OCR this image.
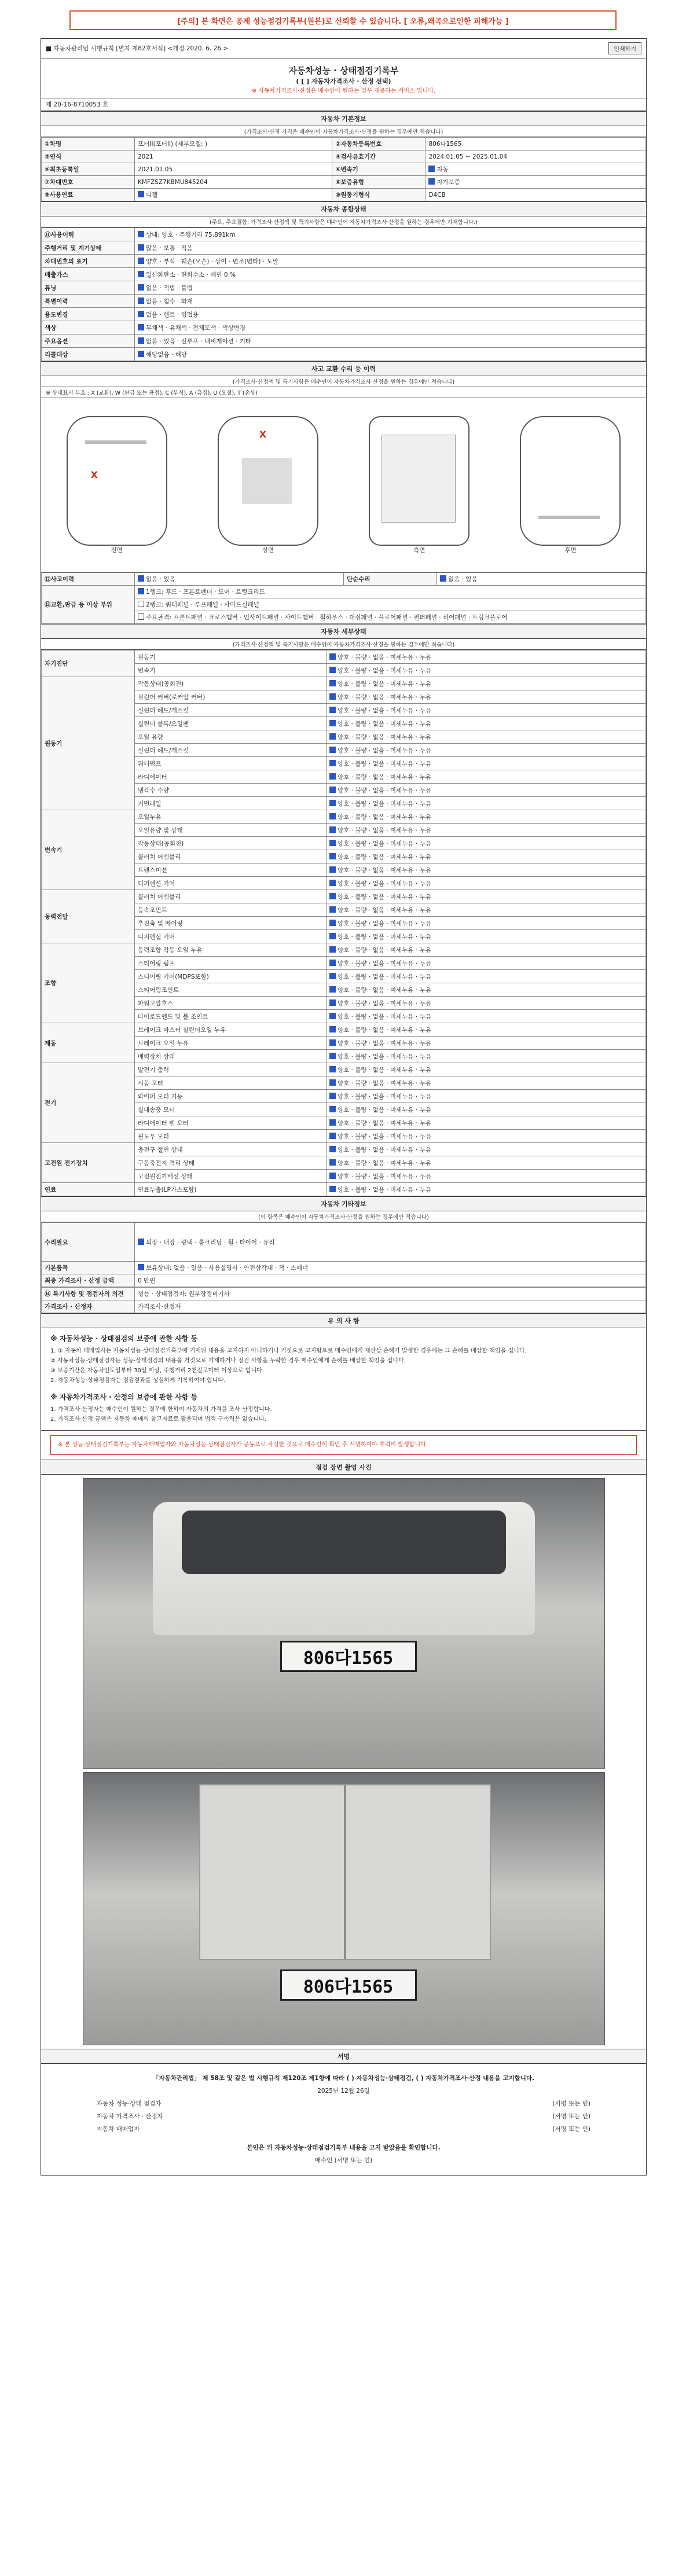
[주의] 본 화면은 공제 성능점검기록부(원본)로 신뢰할 수 있습니다. [ 오류,왜곡으로인한 피해가능 ]
■ 자동차관리법 시행규칙 [별지 제82호서식] <개정 2020. 6. 26.>	인쇄하기
자동차성능 · 상태점검기록부
( [ ] 자동차가격조사 · 산정 선택)
※ 자동차가격조사·산정은 매수인이 원하는 경우 제공하는 서비스 입니다.
제 20-16-8710053 호
자동차 기본정보
(가격조사·산정 가격은 매수인이 자동차가격조사·산정을 원하는 경우에만 적습니다)
①차명	포터II(포터II) (세부모델: )	②자동차등록번호	806다1565
③연식	2021	④검사유효기간	2024.01.05 ~ 2025.01.04
⑤최초등록일	2021.01.05	⑥변속기	자동
⑦차대번호	KMFZSZ7KBMU845204	⑧보증유형	자가보증
⑨사용연료	디젤	⑩원동기형식	D4CB
자동차 종합상태
(주요, 주요결함, 가격조사·산정액 및 특기사항은 매수인이 자동차가격조사·산정을 원하는 경우에만 기재합니다.)
⑪사용이력	상태: 양호 · 주행거리 75,891km
주행거리 및 계기상태	많음 · 보통 · 적음
차대번호의 표기	양호 · 부식 · 훼손(오손) · 상이 · 변조(변타) · 도말
배출가스	일산화탄소 · 탄화수소 · 매연 0 %
튜닝	없음 · 적법 · 불법
특별이력	없음 · 침수 · 화재
용도변경	없음 · 렌트 · 영업용
색상	무채색 · 유채색 · 전체도색 · 색상변경
주요옵션	없음 · 있음 · 선루프 · 내비게이션 · 기타
리콜대상	해당없음 · 해당
사고 교환 수리 등 이력
(가격조사·산정액 및 특기사항은 매수인이 자동차가격조사·산정을 원하는 경우에만 적습니다)
※ 상태표시 부호 : X (교환), W (판금 또는 용접), C (부식), A (흠집), U (요철), T (손상)
X
전면
X
상면	측면	후면
⑫사고이력	없음 · 있음	단순수리	없음 · 있음
⑬교환,판금 등 이상 부위	1랭크: 후드 · 프론트펜더 · 도어 · 트렁크리드		
	2랭크: 쿼터패널 · 루프패널 · 사이드실패널		
	주요골격: 프론트패널 · 크로스멤버 · 인사이드패널 · 사이드멤버 · 휠하우스 · 대쉬패널 · 플로어패널 · 필러패널 · 리어패널 · 트렁크플로어		
자동차 세부상태
(가격조사·산정액 및 특기사항은 매수인이 자동차가격조사·산정을 원하는 경우에만 적습니다)
자기진단	원동기	양호 · 불량 · 없음 · 미세누유 · 누유
	변속기	양호 · 불량 · 없음 · 미세누유 · 누유
원동기	작동상태(공회전)	양호 · 불량 · 없음 · 미세누유 · 누유
	실린더 커버(로커암 커버)	양호 · 불량 · 없음 · 미세누유 · 누유
	실린더 헤드/개스킷	양호 · 불량 · 없음 · 미세누유 · 누유
	실린더 블록/오일팬	양호 · 불량 · 없음 · 미세누유 · 누유
	오일 유량	양호 · 불량 · 없음 · 미세누유 · 누유
	실린더 헤드/개스킷	양호 · 불량 · 없음 · 미세누유 · 누유
	워터펌프	양호 · 불량 · 없음 · 미세누유 · 누유
	라디에이터	양호 · 불량 · 없음 · 미세누유 · 누유
	냉각수 수량	양호 · 불량 · 없음 · 미세누유 · 누유
	커먼레일	양호 · 불량 · 없음 · 미세누유 · 누유
변속기	오일누유	양호 · 불량 · 없음 · 미세누유 · 누유
	오일유량 및 상태	양호 · 불량 · 없음 · 미세누유 · 누유
	작동상태(공회전)	양호 · 불량 · 없음 · 미세누유 · 누유
	클러치 어셈블리	양호 · 불량 · 없음 · 미세누유 · 누유
	트랜스미션	양호 · 불량 · 없음 · 미세누유 · 누유
	디퍼렌셜 기어	양호 · 불량 · 없음 · 미세누유 · 누유
동력전달	클러치 어셈블리	양호 · 불량 · 없음 · 미세누유 · 누유
	등속조인트	양호 · 불량 · 없음 · 미세누유 · 누유
	추진축 및 베어링	양호 · 불량 · 없음 · 미세누유 · 누유
	디퍼렌셜 기어	양호 · 불량 · 없음 · 미세누유 · 누유
조향	동력조향 작동 오일 누유	양호 · 불량 · 없음 · 미세누유 · 누유
	스티어링 펌프	양호 · 불량 · 없음 · 미세누유 · 누유
	스티어링 기어(MDPS포함)	양호 · 불량 · 없음 · 미세누유 · 누유
	스티어링조인트	양호 · 불량 · 없음 · 미세누유 · 누유
	파워고압호스	양호 · 불량 · 없음 · 미세누유 · 누유
	타이로드엔드 및 볼 조인트	양호 · 불량 · 없음 · 미세누유 · 누유
제동	브레이크 마스터 실린더오일 누유	양호 · 불량 · 없음 · 미세누유 · 누유
	브레이크 오일 누유	양호 · 불량 · 없음 · 미세누유 · 누유
	배력장치 상태	양호 · 불량 · 없음 · 미세누유 · 누유
전기	발전기 출력	양호 · 불량 · 없음 · 미세누유 · 누유
	시동 모터	양호 · 불량 · 없음 · 미세누유 · 누유
	와이퍼 모터 기능	양호 · 불량 · 없음 · 미세누유 · 누유
	실내송풍 모터	양호 · 불량 · 없음 · 미세누유 · 누유
	라디에이터 팬 모터	양호 · 불량 · 없음 · 미세누유 · 누유
	윈도우 모터	양호 · 불량 · 없음 · 미세누유 · 누유
고전원 전기장치	충전구 절연 상태	양호 · 불량 · 없음 · 미세누유 · 누유
	구동축전지 격리 상태	양호 · 불량 · 없음 · 미세누유 · 누유
	고전원전기배선 상태	양호 · 불량 · 없음 · 미세누유 · 누유
연료	연료누출(LP가스포함)	양호 · 불량 · 없음 · 미세누유 · 누유
자동차 기타정보
(이 항목은 매수인이 자동차가격조사·산정을 원하는 경우에만 적습니다)
수리필요	외장 · 내장 · 광택 · 룸크리닝 · 휠 · 타이어 · 유리
기본품목	보유상태: 없음 · 있음 · 사용설명서 · 안전삼각대 · 잭 · 스패너
최종 가격조사 · 산정 금액	0 만원
⑭ 특기사항 및 점검자의 의견	성능 · 상태점검자: 원부장정비기사
가격조사 · 산정자	가격조사·산정자
유 의 사 항
※ 자동차성능 · 상태점검의 보증에 관한 사항 등
1. ① 자동차 매매업자는 자동차성능·상태점검기록부에 기재된 내용을 고지하지 아니하거나 거짓으로 고지함으로 매수인에게 재산상 손해가 발생한 경우에는 그 손해를 배상할 책임을 집니다.
② 자동차성능·상태점검자는 성능·상태점검의 내용을 거짓으로 기재하거나 점검 사항을 누락한 경우 매수인에게 손해를 배상할 책임을 집니다.
③ 보증기간은 자동차인도일부터 30일 이상, 주행거리 2천킬로미터 이상으로 합니다.
2. 자동차성능·상태점검자는 점검결과를 성실하게 기록하여야 합니다.
※ 자동차가격조사 · 산정의 보증에 관한 사항 등
1. 가격조사·산정자는 매수인이 원하는 경우에 한하여 자동차의 가격을 조사·산정합니다.
2. 가격조사·산정 금액은 자동차 매매의 참고자료로 활용되며 법적 구속력은 없습니다.
※ 본 성능·상태점검기록부는 자동차매매업자와 자동차성능·상태점검자가 공동으로 작성한 것으로 매수인이 확인 후 서명하여야 효력이 발생합니다.
점검 장면 촬영 사진
806다1565
806다1565
서명
「자동차관리법」 제 58조 및 같은 법 시행규칙 제120조 제1항에 따라 ( ) 자동차성능·상태점검, ( ) 자동차가격조사·산정 내용을 고지합니다.
2025년 12월 26일
자동차 성능·상태 점검자	(서명 또는 인)
자동차 가격조사 · 산정자	(서명 또는 인)
자동차 매매업자	(서명 또는 인)
본인은 위 자동차성능·상태점검기록부 내용을 고지 받았음을 확인합니다.
매수인 (서명 또는 인)
